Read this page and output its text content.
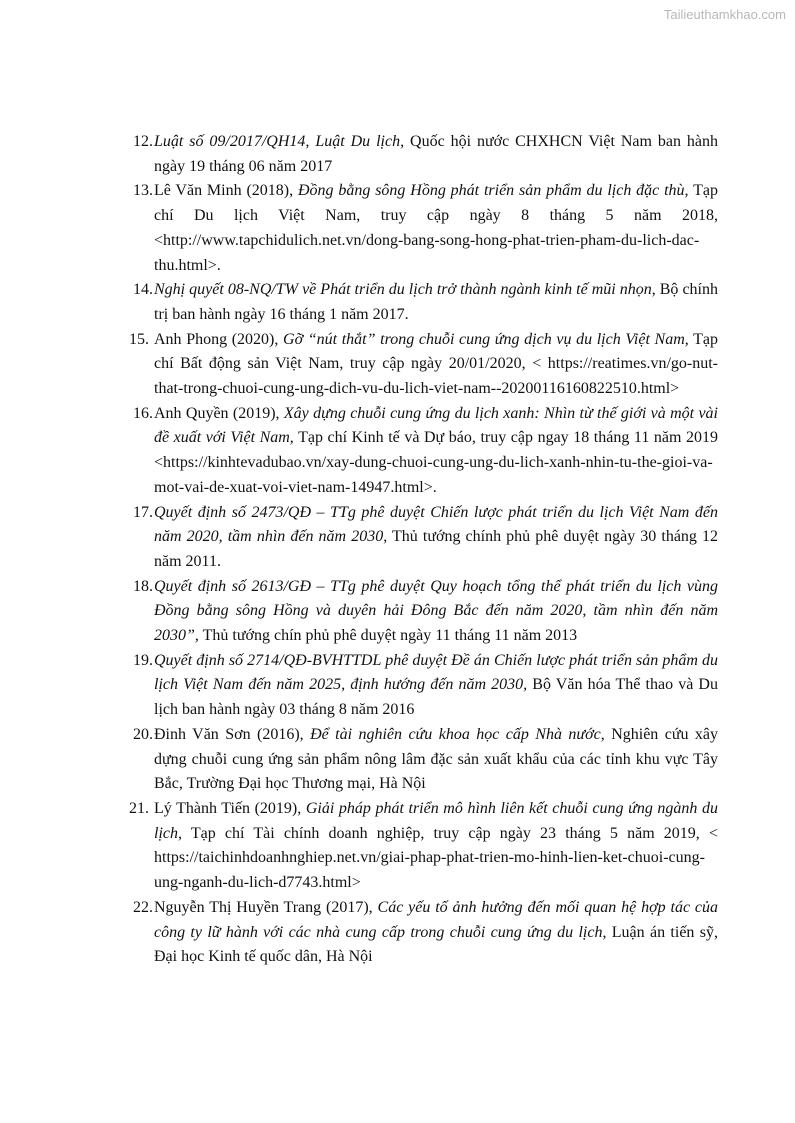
Tailieuthamkhao.com
12. Luật số 09/2017/QH14, Luật Du lịch, Quốc hội nước CHXHCN Việt Nam ban hành ngày 19 tháng 06 năm 2017
13. Lê Văn Minh (2018), Đồng bằng sông Hồng phát triển sản phẩm du lịch đặc thù, Tạp chí Du lịch Việt Nam, truy cập ngày 8 tháng 5 năm 2018, <http://www.tapchidulich.net.vn/dong-bang-song-hong-phat-trien-pham-du-lich-dac-thu.html>.
14. Nghị quyết 08-NQ/TW về Phát triển du lịch trở thành ngành kinh tế mũi nhọn, Bộ chính trị ban hành ngày 16 tháng 1 năm 2017.
15. Anh Phong (2020), Gỡ “nút thắt” trong chuỗi cung ứng dịch vụ du lịch Việt Nam, Tạp chí Bất động sản Việt Nam, truy cập ngày 20/01/2020, < https://reatimes.vn/go-nut-that-trong-chuoi-cung-ung-dich-vu-du-lich-viet-nam--20200116160822510.html>
16. Anh Quyền (2019), Xây dựng chuỗi cung ứng du lịch xanh: Nhìn từ thế giới và một vài đề xuất với Việt Nam, Tạp chí Kinh tế và Dự báo, truy cập ngay 18 tháng 11 năm 2019 <https://kinhtevadubao.vn/xay-dung-chuoi-cung-ung-du-lich-xanh-nhin-tu-the-gioi-va-mot-vai-de-xuat-voi-viet-nam-14947.html>.
17. Quyết định số 2473/QĐ – TTg phê duyệt Chiến lược phát triển du lịch Việt Nam đến năm 2020, tầm nhìn đến năm 2030, Thủ tướng chính phủ phê duyệt ngày 30 tháng 12 năm 2011.
18. Quyết định số 2613/GĐ – TTg phê duyệt Quy hoạch tổng thể phát triển du lịch vùng Đồng bằng sông Hồng và duyên hải Đông Bắc đến năm 2020, tầm nhìn đến năm 2030”, Thủ tướng chín phủ phê duyệt ngày 11 tháng 11 năm 2013
19. Quyết định số 2714/QĐ-BVHTTDL phê duyệt Đề án Chiến lược phát triển sản phẩm du lịch Việt Nam đến năm 2025, định hướng đến năm 2030, Bộ Văn hóa Thể thao và Du lịch ban hành ngày 03 tháng 8 năm 2016
20. Đinh Văn Sơn (2016), Để tài nghiên cứu khoa học cấp Nhà nước, Nghiên cứu xây dựng chuỗi cung ứng sản phẩm nông lâm đặc sản xuất khẩu của các tỉnh khu vực Tây Bắc, Trường Đại học Thương mại, Hà Nội
21. Lý Thành Tiến (2019), Giải pháp phát triển mô hình liên kết chuỗi cung ứng ngành du lịch, Tạp chí Tài chính doanh nghiệp, truy cập ngày 23 tháng 5 năm 2019, < https://taichinhdoanhnghiep.net.vn/giai-phap-phat-trien-mo-hinh-lien-ket-chuoi-cung-ung-nganh-du-lich-d7743.html>
22. Nguyễn Thị Huyền Trang (2017), Các yếu tố ảnh hưởng đến mối quan hệ hợp tác của công ty lữ hành với các nhà cung cấp trong chuỗi cung ứng du lịch, Luận án tiến sỹ, Đại học Kinh tế quốc dân, Hà Nội
